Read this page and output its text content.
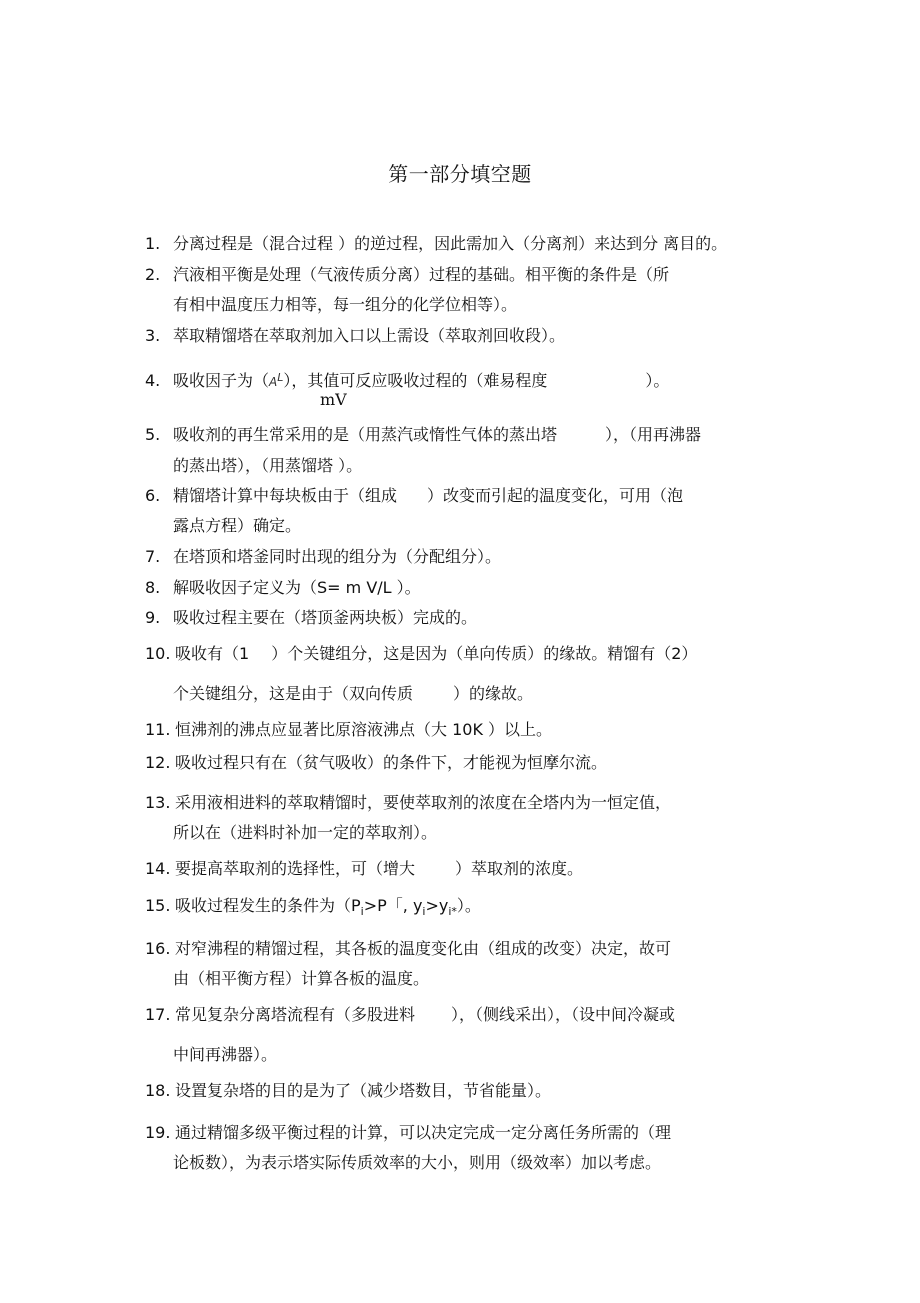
第一部分填空题
1. 分离过程是（混合过程 ）的逆过程，因此需加入（分离剂）来达到分 离目的。
2. 汽液相平衡是处理（气液传质分离）过程的基础。相平衡的条件是（所
有相中温度压力相等，每一组分的化学位相等）。
3. 萃取精馏塔在萃取剂加入口以上需设（萃取剂回收段）。
4. 吸收因子为$(A^L)$，其值可反应吸收过程的（难易程度	）。
mV
5. 吸收剂的再生常采用的是（用蒸汽或惰性气体的蒸出塔	），（用再沸器
的蒸出塔），（用蒸馏塔 ）。
6. 精馏塔计算中每块板由于（组成 ）改变而引起的温度变化，可用（泡
露点方程）确定。
7. 在塔顶和塔釜同时出现的组分为（分配组分）。
8. 解吸收因子定义为（S= m V/L ）。
9. 吸收过程主要在（塔顶釜两块板）完成的。
10. 吸收有（1 ）个关键组分，这是因为（单向传质）的缘故。精馏有（2）
个关键组分，这是由于（双向传质	）的缘故。
11. 恒沸剂的沸点应显著比原溶液沸点（大 10K ）以上。
12. 吸收过程只有在（贫气吸收）的条件下，才能视为恒摩尔流。
13. 采用液相进料的萃取精馏时，要使萃取剂的浓度在全塔内为一恒定值，
所以在（进料时补加一定的萃取剂）。
14. 要提高萃取剂的选择性，可（增大	）萃取剂的浓度。
15. 吸收过程发生的条件为（$P_i>P$「, $y_i>y_{i*}$）。
16. 对窄沸程的精馏过程，其各板的温度变化由（组成的改变）决定，故可
由（相平衡方程）计算各板的温度。
17. 常见复杂分离塔流程有（多股进料 ），（侧线采出），（设中间冷凝或
中间再沸器）。
18. 设置复杂塔的目的是为了（减少塔数目，节省能量）。
19. 通过精馏多级平衡过程的计算，可以决定完成一定分离任务所需的（理
论板数），为表示塔实际传质效率的大小，则用（级效率）加以考虑。
